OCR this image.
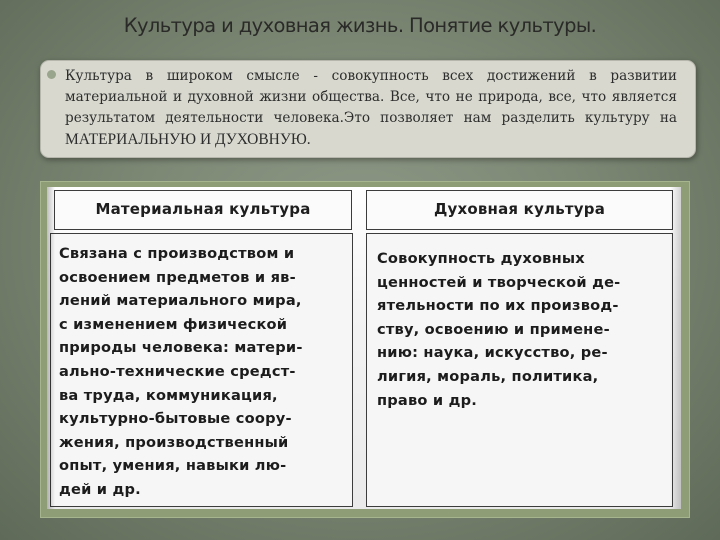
Культура и духовная жизнь. Понятие культуры.
Культура в широком смысле - совокупность всех достижений в развитии материальной и духовной жизни общества. Все, что не природа, все, что является результатом деятельности человека.Это позволяет нам разделить культуру на МАТЕРИАЛЬНУЮ И ДУХОВНУЮ.
Материальная культура	Духовная культура
Связана с производством и
освоением предметов и яв-
лений материального мира,
с изменением физической
природы человека: матери-
ально-технические средст-
ва труда, коммуникация,
культурно-бытовые соору-
жения, производственный
опыт, умения, навыки лю-
дей и др.
Совокупность духовных
ценностей и творческой де-
ятельности по их производ-
ству, освоению и примене-
нию: наука, искусство, ре-
лигия, мораль, политика,
право и др.
